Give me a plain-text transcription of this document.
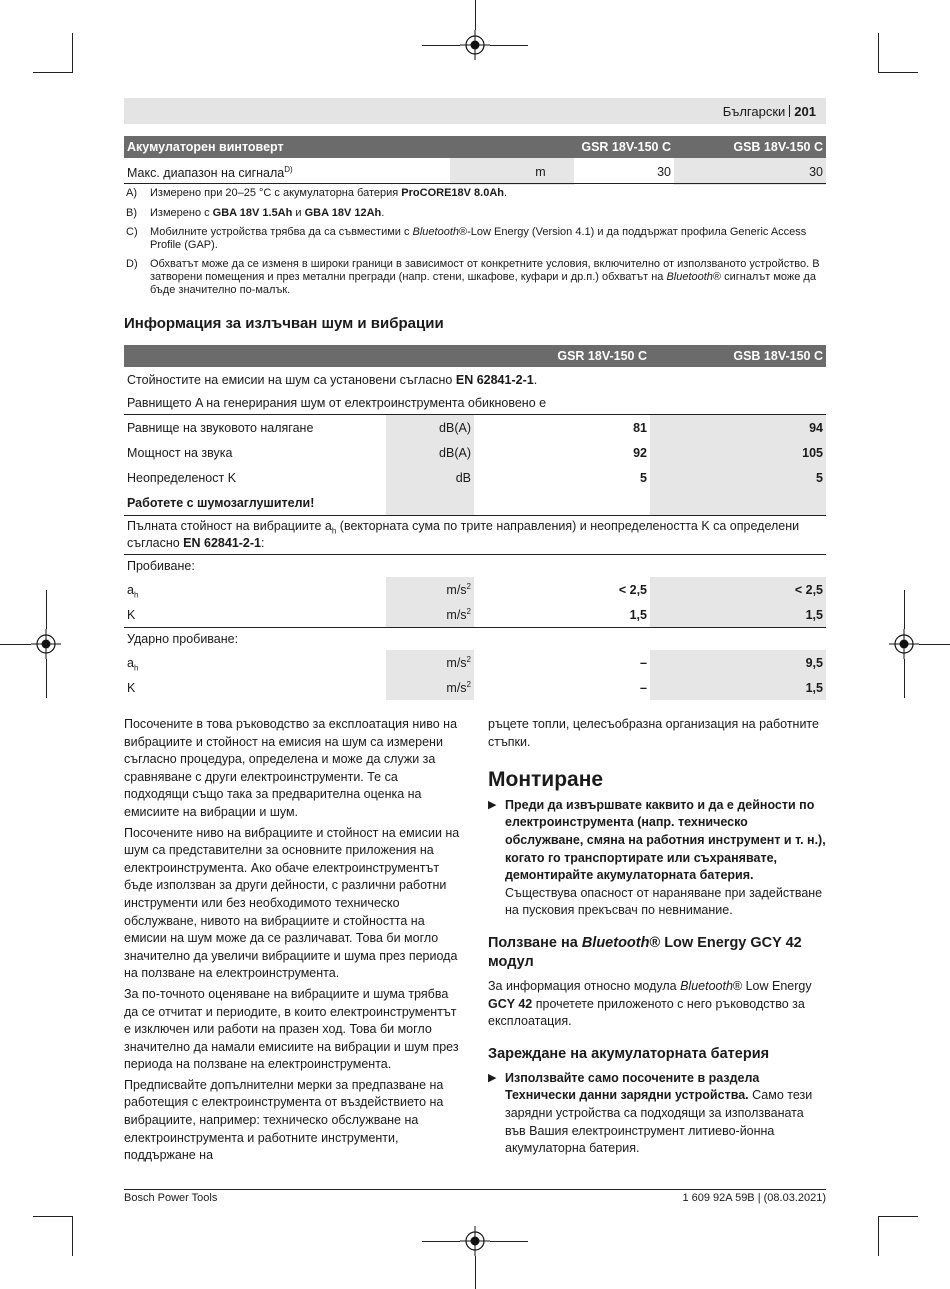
Български 201
Акумулаторен винтоверт		GSR 18V-150 C	GSB 18V-150 C
Макс. диапазон на сигнала$^{D)}$	m	30	30
A) Измерено при 20–25 °C с акумулаторна батерия ProCORE18V 8.0Ah.
B) Измерено с GBA 18V 1.5Ah и GBA 18V 12Ah.
C) Мобилните устройства трябва да са съвместими с Bluetooth®-Low Energy (Version 4.1) и да поддържат профила Generic Access Profile (GAP).
D) Обхватът може да се изменя в широки граници в зависимост от конкретните условия, включително от използваното устройство. В затворени помещения и през метални прегради (напр. стени, шкафове, куфари и др.п.) обхватът на Bluetooth® сигналът може да бъде значително по-малък.
Информация за излъчван шум и вибрации
		GSR 18V-150 C	GSB 18V-150 C
Стойностите на емисии на шум са установени съгласно EN 62841-2-1.			
Равнището A на генерирания шум от електроинструмента обикновено е			

Равнище на звуковото налягане	dB(A)	81	94
Мощност на звука	dB(A)	92	105
Неопределеност K	dB	5	5
Работете с шумозаглушители!			
Пълната стойност на вибрациите $a_h$ (векторната сума по трите направления) и неопределеността K са определени съгласно EN 62841-2-1:			
Пробиване:			
$a_h$	$m/s^2$	< 2,5	< 2,5
K	$m/s^2$	1,5	1,5
Ударно пробиване:			
$a_h$	$m/s^2$	–	9,5
K	$m/s^2$	–	1,5

Посочените в това ръководство за експлоатация ниво на вибрациите и стойност на емисия на шум са измерени съгласно процедура, определена и може да служи за сравняване с други електроинструменти. Те са подходящи също така за предварителна оценка на емисиите на вибрации и шум.

Посочените ниво на вибрациите и стойност на емисии на шум са представителни за основните приложения на електроинструмента. Ако обаче електроинструментът бъде използван за други дейности, с различни работни инструменти или без необходимото техническо обслужване, нивото на вибрациите и стойността на емисии на шум може да се различават. Това би могло значително да увеличи вибрациите и шума през периода на ползване на електроинструмента.

За по-точното оценяване на вибрациите и шума трябва да се отчитат и периодите, в които електроинструментът е изключен или работи на празен ход. Това би могло значително да намали емисиите на вибрации и шум през периода на ползване на електроинструмента.

Предписвайте допълнителни мерки за предпазване на работещия с електроинструмента от въздействието на вибрациите, например: техническо обслужване на електроинструмента и работните инструменти, поддържане на

ръцете топли, целесъобразна организация на работните стъпки.

Монтиране
▶ Преди да извършвате каквито и да е дейности по електроинструмента (напр. техническо обслужване, смяна на работния инструмент и т. н.), когато го транспортирате или съхранявате, демонтирайте акумулаторната батерия. Съществува опасност от нараняване при задействане на пусковия прекъсвач по невнимание.
Ползване на Bluetooth® Low Energy GCY 42 модул

За информация относно модула Bluetooth® Low Energy GCY 42 прочетете приложеното с него ръководство за експлоатация.

Зареждане на акумулаторната батерия
▶ Използвайте само посочените в раздела Технически данни зарядни устройства. Само тези зарядни устройства са подходящи за използваната във Вашия електроинструмент литиево-йонна акумулаторна батерия.
Bosch Power Tools	1 609 92A 59B | (08.03.2021)
